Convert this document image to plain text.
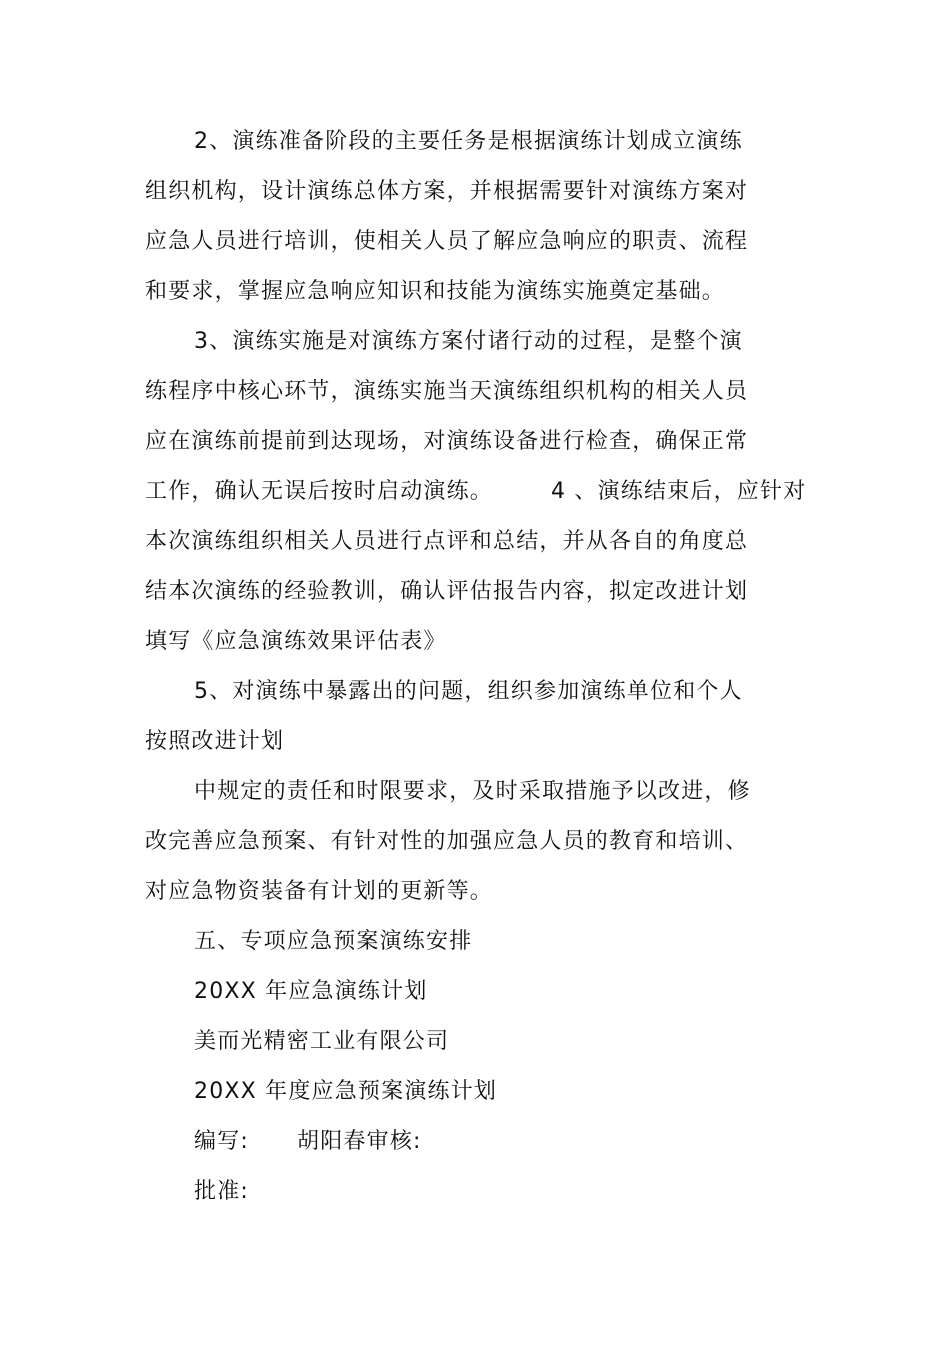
2、演练准备阶段的主要任务是根据演练计划成立演练
组织机构，设计演练总体方案，并根据需要针对演练方案对
应急人员进行培训，使相关人员了解应急响应的职责、流程
和要求，掌握应急响应知识和技能为演练实施奠定基础。
3、演练实施是对演练方案付诸行动的过程，是整个演
练程序中核心环节，演练实施当天演练组织机构的相关人员
应在演练前提前到达现场，对演练设备进行检查，确保正常
工作，确认无误后按时启动演练。	4 、演练结束后，应针对
本次演练组织相关人员进行点评和总结，并从各自的角度总
结本次演练的经验教训，确认评估报告内容，拟定改进计划
填写《应急演练效果评估表》
5、对演练中暴露出的问题，组织参加演练单位和个人
按照改进计划
中规定的责任和时限要求，及时采取措施予以改进，修
改完善应急预案、有针对性的加强应急人员的教育和培训、
对应急物资装备有计划的更新等。
五、专项应急预案演练安排
20XX 年应急演练计划
美而光精密工业有限公司
20XX 年度应急预案演练计划
编写: 胡阳春审核:
批准:
